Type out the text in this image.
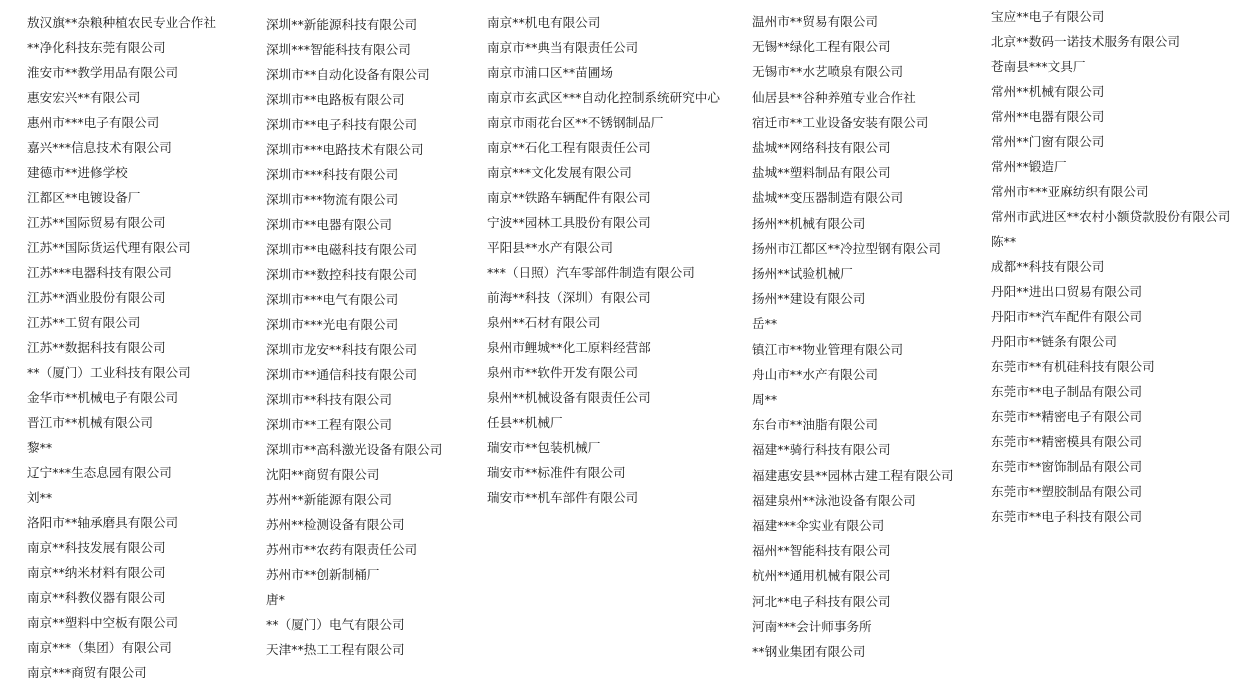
敖汉旗**杂粮种植农民专业合作社
**净化科技东莞有限公司
淮安市**教学用品有限公司
惠安宏兴**有限公司
惠州市***电子有限公司
嘉兴***信息技术有限公司
建德市**进修学校
江都区**电镀设备厂
江苏**国际贸易有限公司
江苏**国际货运代理有限公司
江苏***电器科技有限公司
江苏**酒业股份有限公司
江苏**工贸有限公司
江苏**数据科技有限公司
**（厦门）工业科技有限公司
金华市**机械电子有限公司
晋江市**机械有限公司
黎**
辽宁***生态息园有限公司
刘**
洛阳市**轴承磨具有限公司
南京**科技发展有限公司
南京**纳米材料有限公司
南京**科教仪器有限公司
南京**塑料中空板有限公司
南京***（集团）有限公司
南京***商贸有限公司
深圳**新能源科技有限公司
深圳***智能科技有限公司
深圳市**自动化设备有限公司
深圳市**电路板有限公司
深圳市**电子科技有限公司
深圳市***电路技术有限公司
深圳市***科技有限公司
深圳市***物流有限公司
深圳市**电器有限公司
深圳市**电磁科技有限公司
深圳市**数控科技有限公司
深圳市***电气有限公司
深圳市***光电有限公司
深圳市龙安**科技有限公司
深圳市**通信科技有限公司
深圳市**科技有限公司
深圳市**工程有限公司
深圳市**高科激光设备有限公司
沈阳**商贸有限公司
苏州**新能源有限公司
苏州**检测设备有限公司
苏州市**农药有限责任公司
苏州市**创新制桶厂
唐*
**（厦门）电气有限公司
天津**热工工程有限公司
南京**机电有限公司
南京市**典当有限责任公司
南京市浦口区**苗圃场
南京市玄武区***自动化控制系统研究中心
南京市雨花台区**不锈钢制品厂
南京**石化工程有限责任公司
南京***文化发展有限公司
南京**铁路车辆配件有限公司
宁波**园林工具股份有限公司
平阳县**水产有限公司
***（日照）汽车零部件制造有限公司
前海**科技（深圳）有限公司
泉州**石材有限公司
泉州市鲤城**化工原料经营部
泉州市**软件开发有限公司
泉州**机械设备有限责任公司
任县**机械厂
瑞安市**包装机械厂
瑞安市**标准件有限公司
瑞安市**机车部件有限公司
温州市**贸易有限公司
无锡**绿化工程有限公司
无锡市**水艺喷泉有限公司
仙居县**谷种养殖专业合作社
宿迁市**工业设备安装有限公司
盐城**网络科技有限公司
盐城**塑料制品有限公司
盐城**变压器制造有限公司
扬州**机械有限公司
扬州市江都区**冷拉型钢有限公司
扬州**试验机械厂
扬州**建设有限公司
岳**
镇江市**物业管理有限公司
舟山市**水产有限公司
周**
东台市**油脂有限公司
福建**骑行科技有限公司
福建惠安县**园林古建工程有限公司
福建泉州**泳池设备有限公司
福建***伞实业有限公司
福州**智能科技有限公司
杭州**通用机械有限公司
河北**电子科技有限公司
河南***会计师事务所
**钢业集团有限公司
宝应**电子有限公司
北京**数码一诺技术服务有限公司
苍南县***文具厂
常州**机械有限公司
常州**电器有限公司
常州**门窗有限公司
常州**锻造厂
常州市***亚麻纺织有限公司
常州市武进区**农村小额贷款股份有限公司
陈**
成都**科技有限公司
丹阳**进出口贸易有限公司
丹阳市**汽车配件有限公司
丹阳市**链条有限公司
东莞市**有机硅科技有限公司
东莞市**电子制品有限公司
东莞市**精密电子有限公司
东莞市**精密模具有限公司
东莞市**窗饰制品有限公司
东莞市**塑胶制品有限公司
东莞市**电子科技有限公司
